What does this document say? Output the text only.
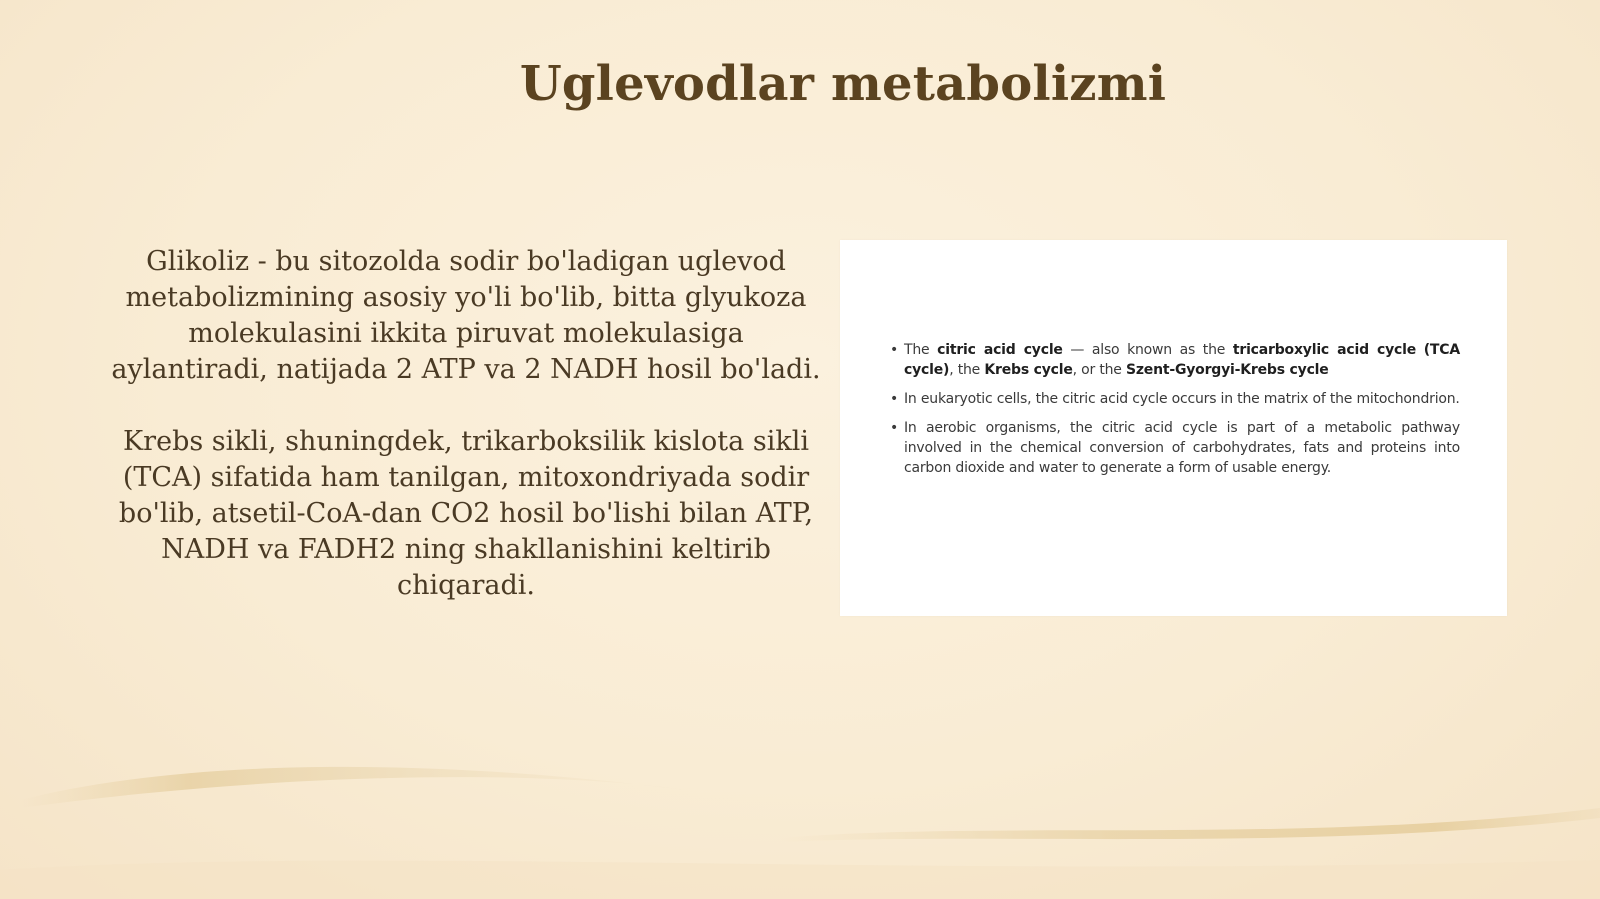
Uglevodlar metabolizmi

Glikoliz - bu sitozolda sodir bo'ladigan uglevod metabolizmining asosiy yo'li bo'lib, bitta glyukoza molekulasini ikkita piruvat molekulasiga aylantiradi, natijada 2 ATP va 2 NADH hosil bo'ladi.

Krebs sikli, shuningdek, trikarboksilik kislota sikli (TCA) sifatida ham tanilgan, mitoxondriyada sodir bo'lib, atsetil-CoA-dan CO2 hosil bo'lishi bilan ATP, NADH va FADH2 ning shakllanishini keltirib chiqaradi.

• The citric acid cycle — also known as the tricarboxylic acid cycle (TCA cycle), the Krebs cycle, or the Szent-Gyorgyi-Krebs cycle
• In eukaryotic cells, the citric acid cycle occurs in the matrix of the mitochondrion.
• In aerobic organisms, the citric acid cycle is part of a metabolic pathway involved in the chemical conversion of carbohydrates, fats and proteins into carbon dioxide and water to generate a form of usable energy.
